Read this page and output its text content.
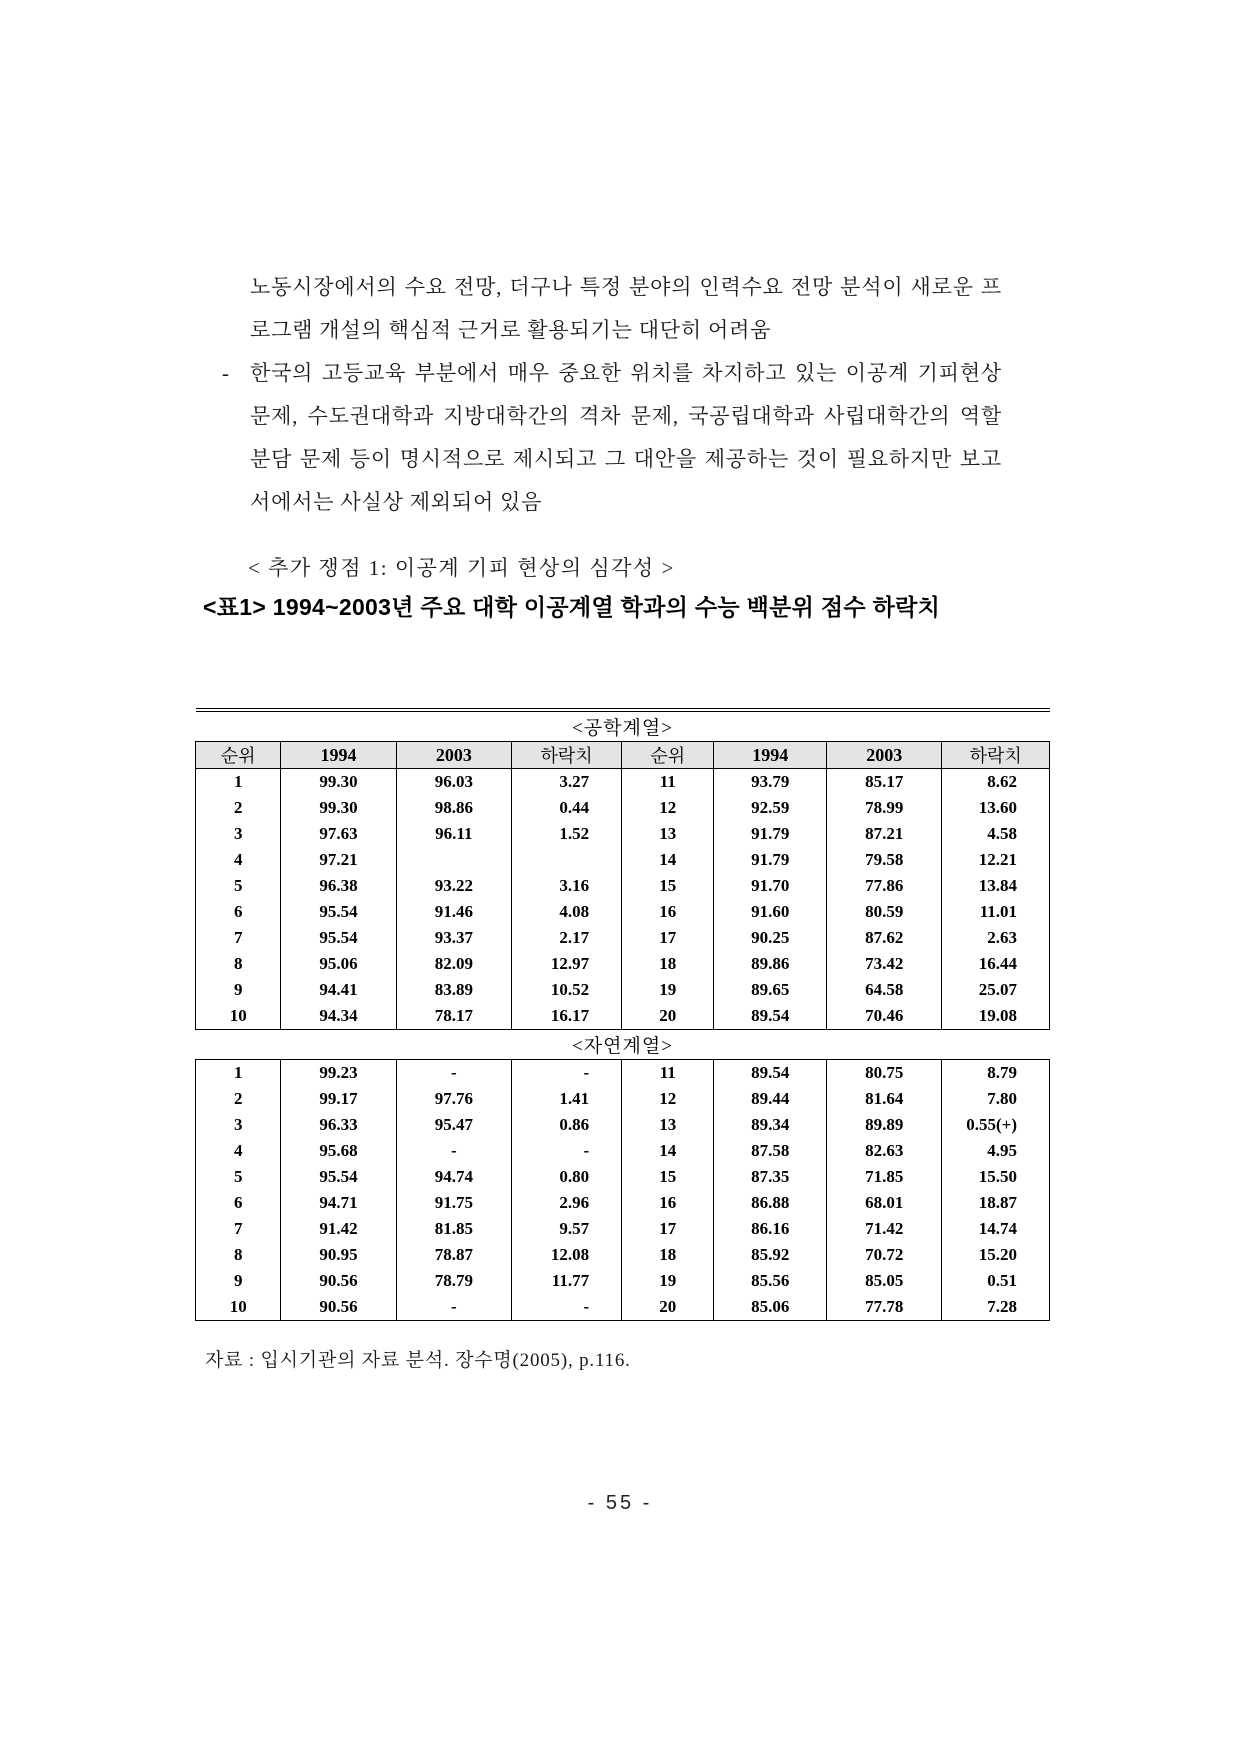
노동시장에서의 수요 전망, 더구나 특정 분야의 인력수요 전망 분석이 새로운 프로그램 개설의 핵심적 근거로 활용되기는 대단히 어려움

- 한국의 고등교육 부분에서 매우 중요한 위치를 차지하고 있는 이공계 기피현상 문제, 수도권대학과 지방대학간의 격차 문제, 국공립대학과 사립대학간의 역할 분담 문제 등이 명시적으로 제시되고 그 대안을 제공하는 것이 필요하지만 보고서에서는 사실상 제외되어 있음

< 추가 쟁점 1: 이공계 기피 현상의 심각성 >
<표1> 1994~2003년 주요 대학 이공계열 학과의 수능 백분위 점수 하락치
<공학계열>							
순위	1994	2003	하락치	순위	1994	2003	하락치
1	99.30	96.03	3.27	11	93.79	85.17	8.62
2	99.30	98.86	0.44	12	92.59	78.99	13.60
3	97.63	96.11	1.52	13	91.79	87.21	4.58
4	97.21			14	91.79	79.58	12.21
5	96.38	93.22	3.16	15	91.70	77.86	13.84
6	95.54	91.46	4.08	16	91.60	80.59	11.01
7	95.54	93.37	2.17	17	90.25	87.62	2.63
8	95.06	82.09	12.97	18	89.86	73.42	16.44
9	94.41	83.89	10.52	19	89.65	64.58	25.07
10	94.34	78.17	16.17	20	89.54	70.46	19.08
<자연계열>							
1	99.23	-	-	11	89.54	80.75	8.79
2	99.17	97.76	1.41	12	89.44	81.64	7.80
3	96.33	95.47	0.86	13	89.34	89.89	0.55(+)
4	95.68	-	-	14	87.58	82.63	4.95
5	95.54	94.74	0.80	15	87.35	71.85	15.50
6	94.71	91.75	2.96	16	86.88	68.01	18.87
7	91.42	81.85	9.57	17	86.16	71.42	14.74
8	90.95	78.87	12.08	18	85.92	70.72	15.20
9	90.56	78.79	11.77	19	85.56	85.05	0.51
10	90.56	-	-	20	85.06	77.78	7.28
자료 : 입시기관의 자료 분석. 장수명(2005), p.116.
- 55 -
